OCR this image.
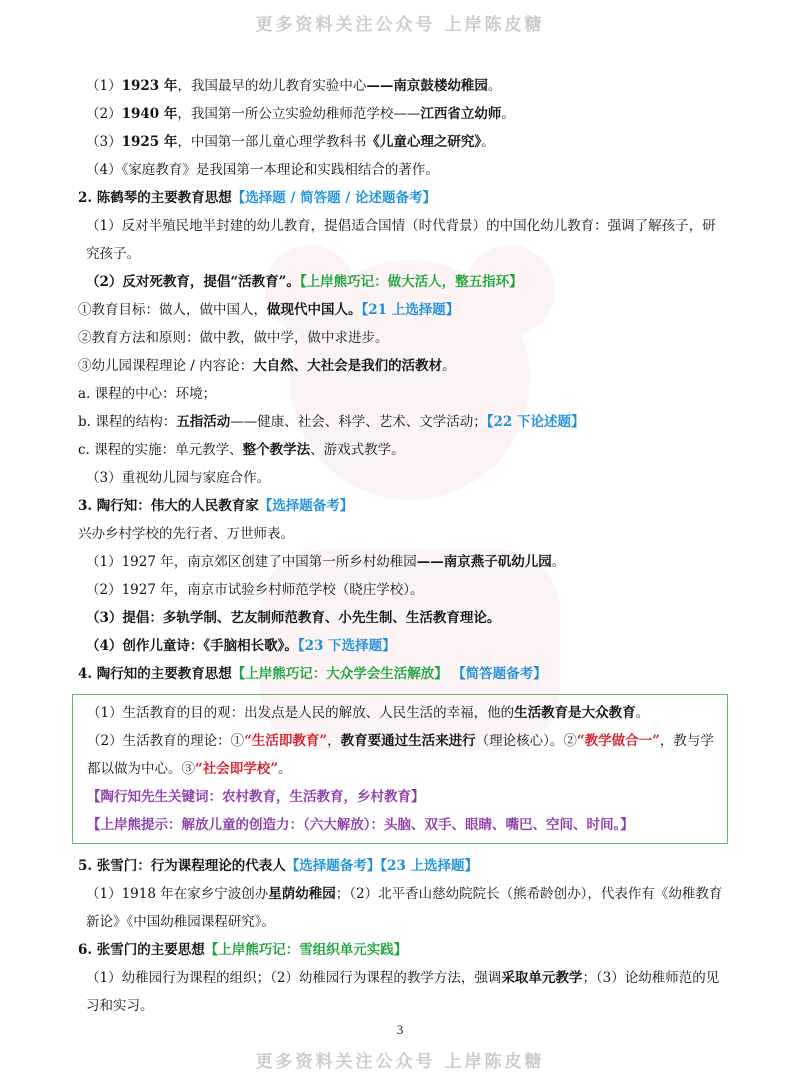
更多资料关注公众号 上岸陈皮糖
（1）1923 年，我国最早的幼儿教育实验中心——南京鼓楼幼稚园。
（2）1940 年，我国第一所公立实验幼稚师范学校——江西省立幼师。
（3）1925 年，中国第一部儿童心理学教科书《儿童心理之研究》。
（4）《家庭教育》是我国第一本理论和实践相结合的著作。
2. 陈鹤琴的主要教育思想【选择题 / 简答题 / 论述题备考】
（1）反对半殖民地半封建的幼儿教育，提倡适合国情（时代背景）的中国化幼儿教育：强调了解孩子，研究孩子。
（2）反对死教育，提倡“活教育”。【上岸熊巧记：做大活人，整五指环】
①教育目标：做人，做中国人，做现代中国人。【21 上选择题】
②教育方法和原则：做中教，做中学，做中求进步。
③幼儿园课程理论 / 内容论：大自然、大社会是我们的活教材。
a. 课程的中心：环境；
b. 课程的结构：五指活动——健康、社会、科学、艺术、文学活动；【22 下论述题】
c. 课程的实施：单元教学、整个教学法、游戏式教学。
（3）重视幼儿园与家庭合作。
3. 陶行知：伟大的人民教育家【选择题备考】
兴办乡村学校的先行者、万世师表。
（1）1927 年，南京郊区创建了中国第一所乡村幼稚园——南京燕子矶幼儿园。
（2）1927 年，南京市试验乡村师范学校（晓庄学校）。
（3）提倡：多轨学制、艺友制师范教育、小先生制、生活教育理论。
（4）创作儿童诗：《手脑相长歌》。【23 下选择题】
4. 陶行知的主要教育思想【上岸熊巧记：大众学会生活解放】 【简答题备考】
（1）生活教育的目的观：出发点是人民的解放、人民生活的幸福，他的生活教育是大众教育。
（2）生活教育的理论：①“生活即教育”，教育要通过生活来进行（理论核心）。②“教学做合一”，教与学都以做为中心。③“社会即学校”。
【陶行知先生关键词：农村教育，生活教育，乡村教育】
【上岸熊提示：解放儿童的创造力：（六大解放）：头脑、双手、眼睛、嘴巴、空间、时间。】
5. 张雪门：行为课程理论的代表人【选择题备考】【23 上选择题】
（1）1918 年在家乡宁波创办星荫幼稚园；（2）北平香山慈幼院院长（熊希龄创办），代表作有《幼稚教育新论》《中国幼稚园课程研究》。
6. 张雪门的主要思想【上岸熊巧记：雪组织单元实践】
（1）幼稚园行为课程的组织；（2）幼稚园行为课程的教学方法，强调采取单元教学；（3）论幼稚师范的见习和实习。
3
更多资料关注公众号 上岸陈皮糖
